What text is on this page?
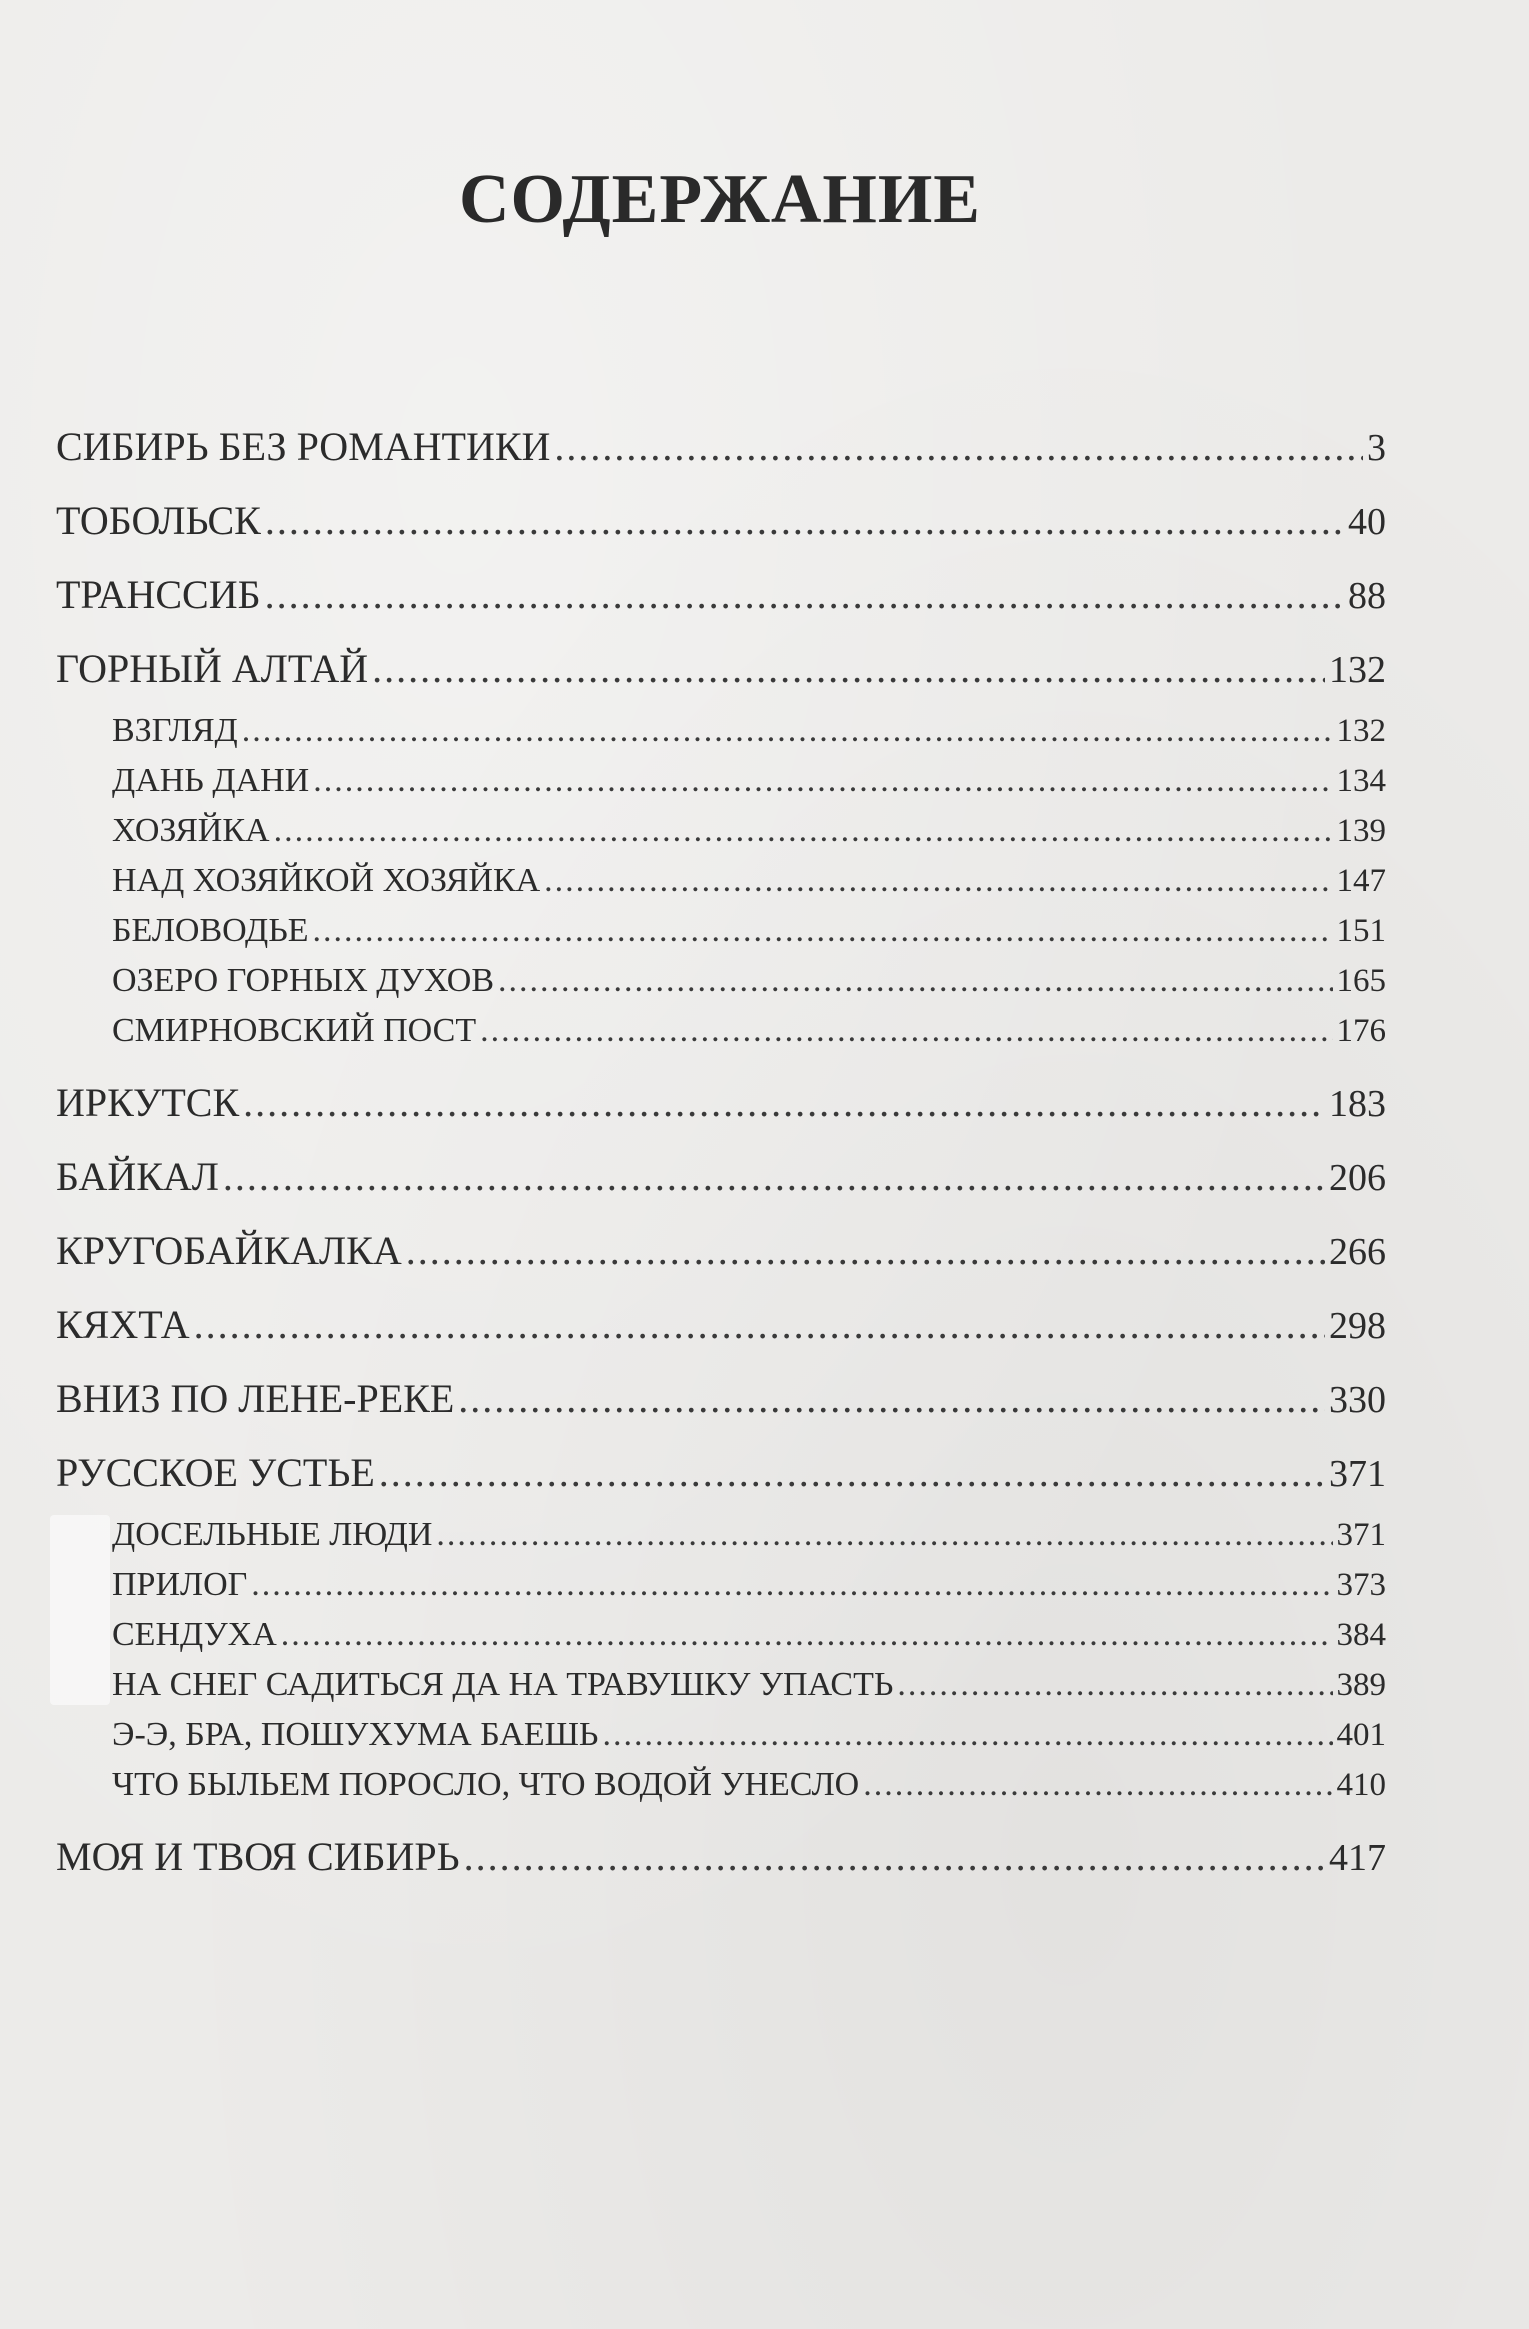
СОДЕРЖАНИЕ
СИБИРЬ БЕЗ РОМАНТИКИ .....	3
ТОБОЛЬСК .....	40
ТРАНССИБ .....	88
ГОРНЫЙ АЛТАЙ .....	132
ВЗГЛЯД .....	132
ДАНЬ ДАНИ .....	134
ХОЗЯЙКА .....	139
НАД ХОЗЯЙКОЙ ХОЗЯЙКА .....	147
БЕЛОВОДЬЕ .....	151
ОЗЕРО ГОРНЫХ ДУХОВ .....	165
СМИРНОВСКИЙ ПОСТ .....	176
ИРКУТСК .....	183
БАЙКАЛ .....	206
КРУГОБАЙКАЛКА .....	266
КЯХТА .....	298
ВНИЗ ПО ЛЕНЕ-РЕКЕ .....	330
РУССКОЕ УСТЬЕ .....	371
ДОСЕЛЬНЫЕ ЛЮДИ .....	371
ПРИЛОГ .....	373
СЕНДУХА .....	384
НА СНЕГ САДИТЬСЯ ДА НА ТРАВУШКУ УПАСТЬ .....	389
Э-Э, БРА, ПОШУХУМА БАЕШЬ .....	401
ЧТО БЫЛЬЕМ ПОРОСЛО, ЧТО ВОДОЙ УНЕСЛО .....	410
МОЯ И ТВОЯ СИБИРЬ .....	417
